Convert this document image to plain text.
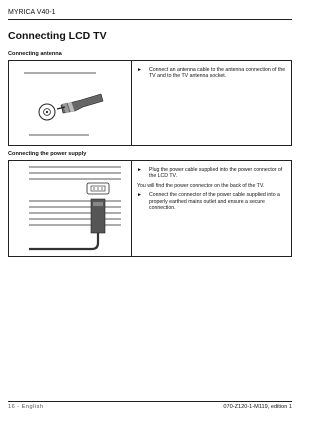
MYRICA V40-1
Connecting LCD TV
Connecting antenna
► Connect an antenna cable to the antenna connection of the TV and to the TV antenna socket.
Connecting the power supply
► Plug the power cable supplied into the power connector of the LCD TV.
You will find the power connector on the back of the TV.
► Connect the connector of the power cable supplied into a properly earthed mains outlet and ensure a secure connection.
16 - English	070-Z120-1-M119, edition 1
